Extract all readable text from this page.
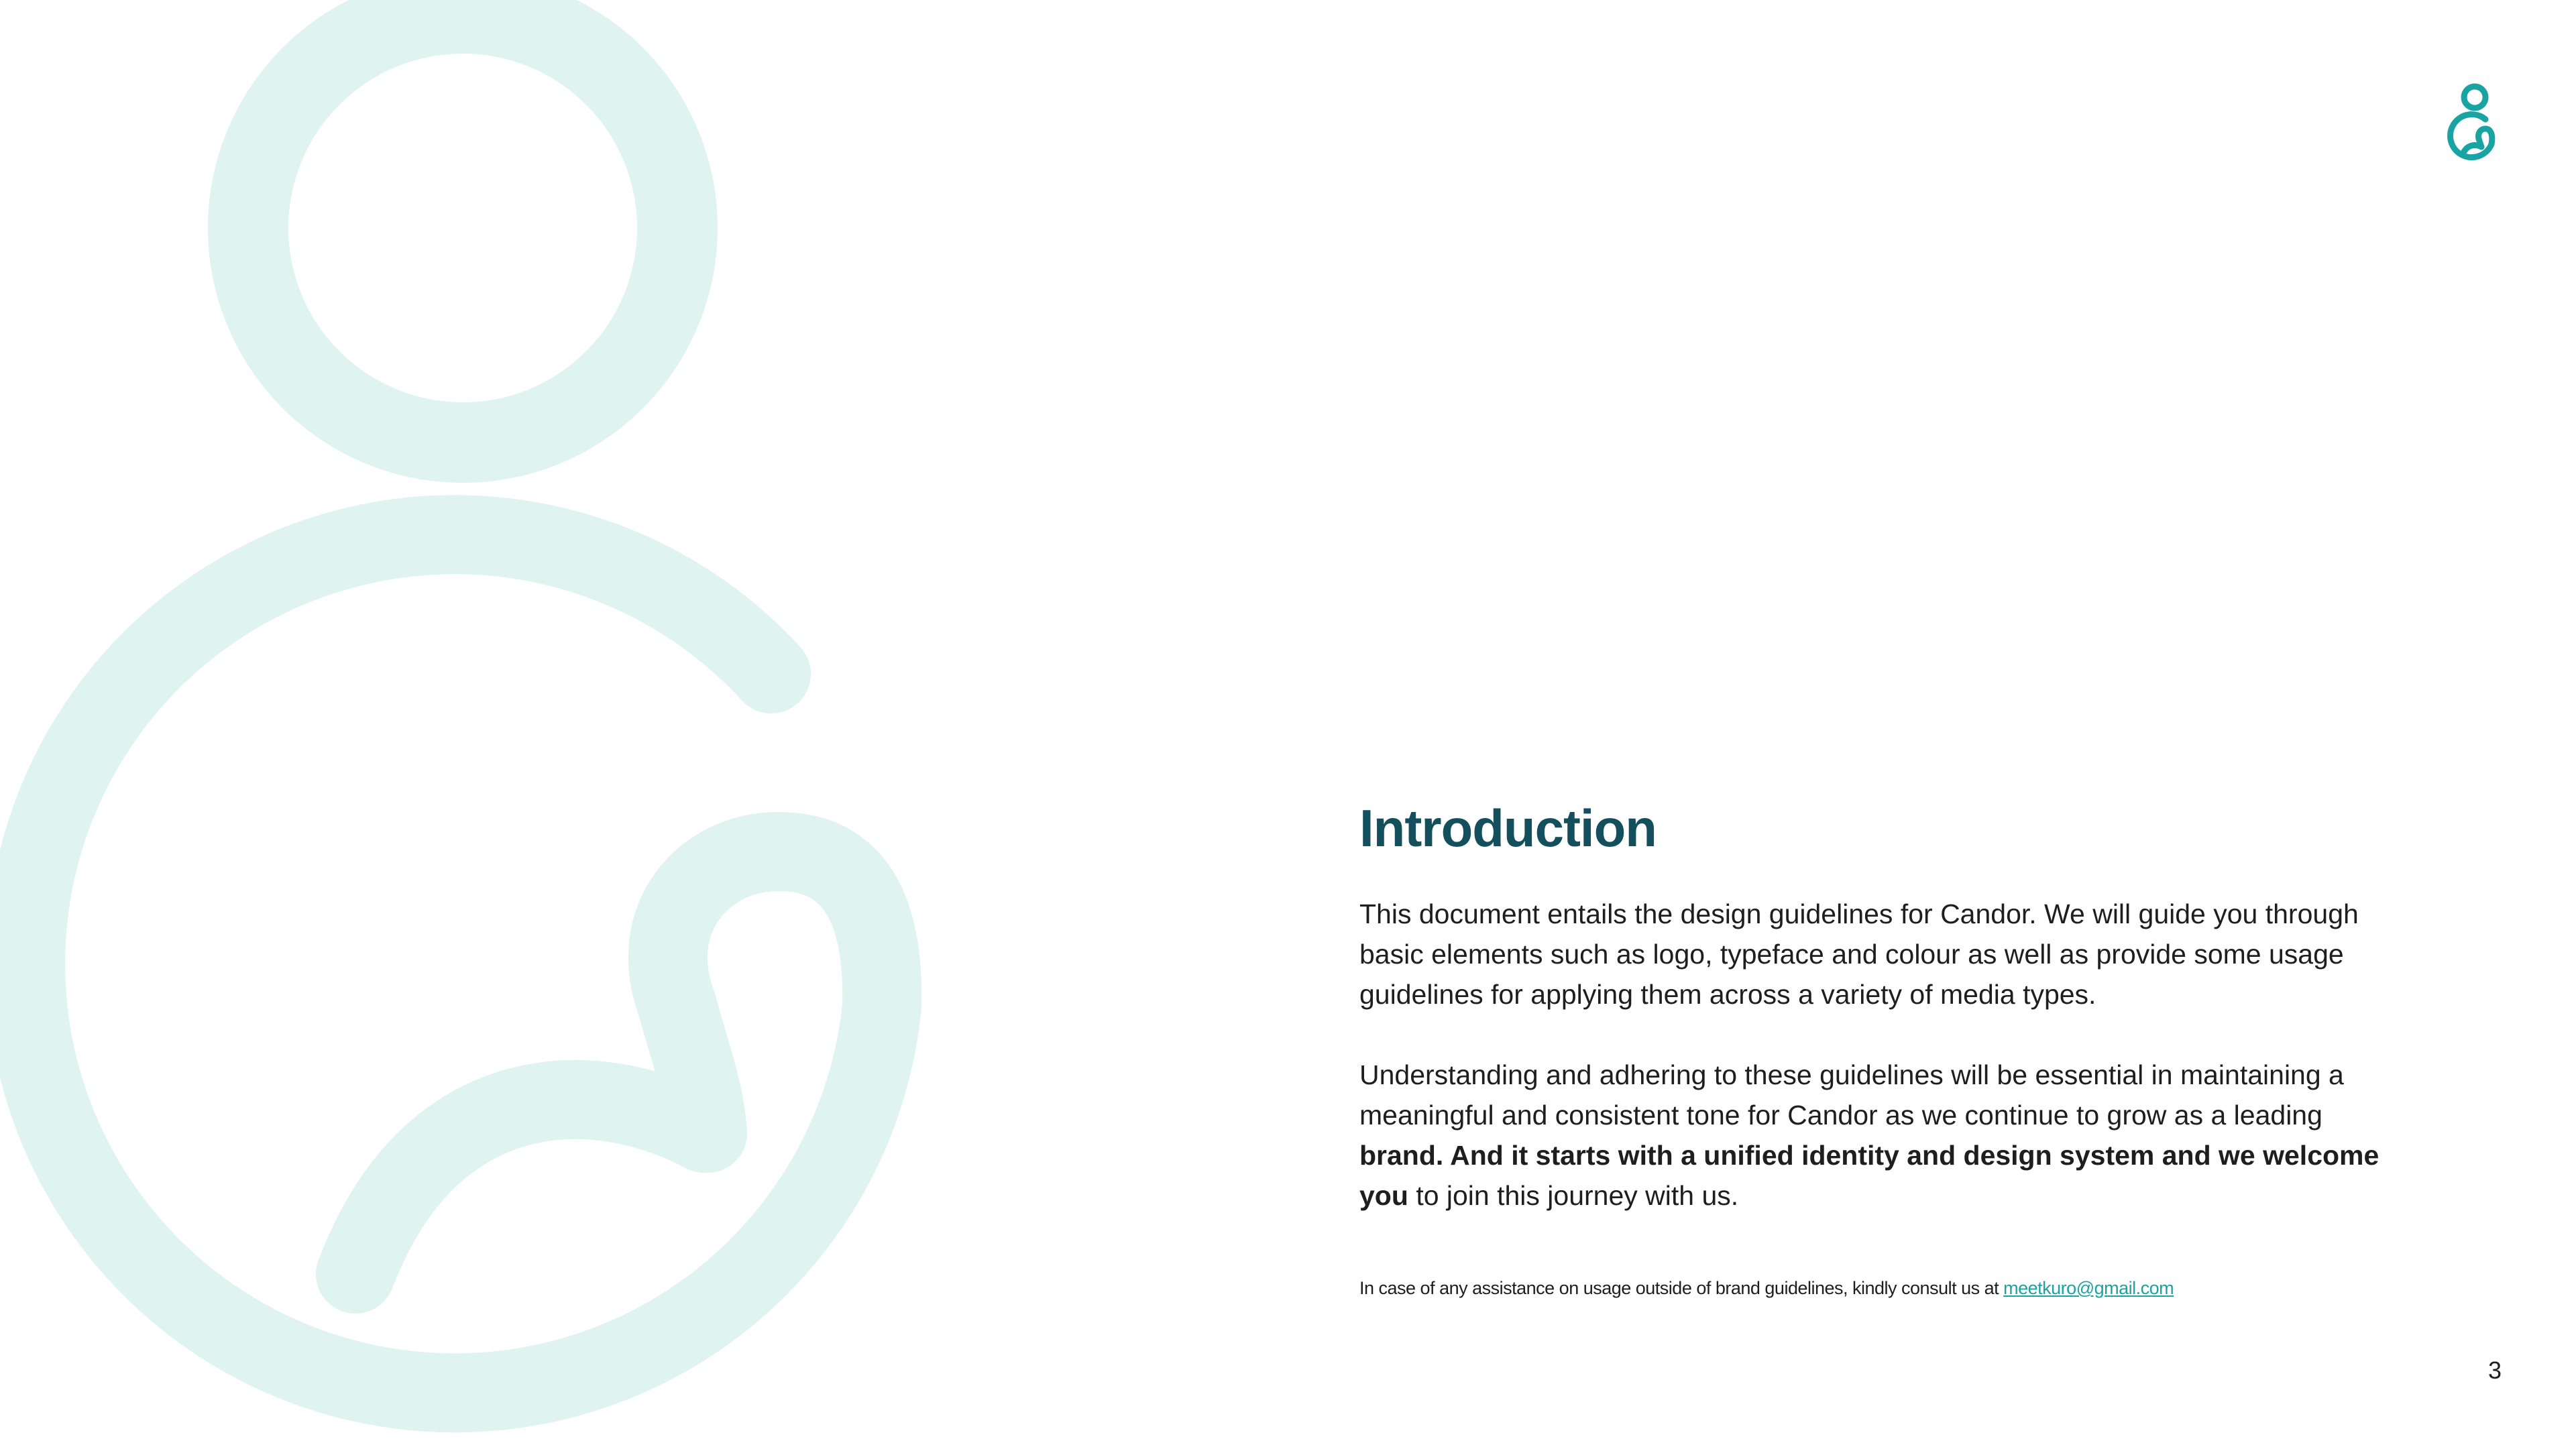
Introduction

This document entails the design guidelines for Candor. We will guide you through basic elements such as logo, typeface and colour as well as provide some usage guidelines for applying them across a variety of media types.

Understanding and adhering to these guidelines will be essential in maintaining a meaningful and consistent tone for Candor as we continue to grow as a leading brand. And it starts with a unified identity and design system and we welcome you to join this journey with us.

In case of any assistance on usage outside of brand guidelines, kindly consult us at meetkuro@gmail.com

3
